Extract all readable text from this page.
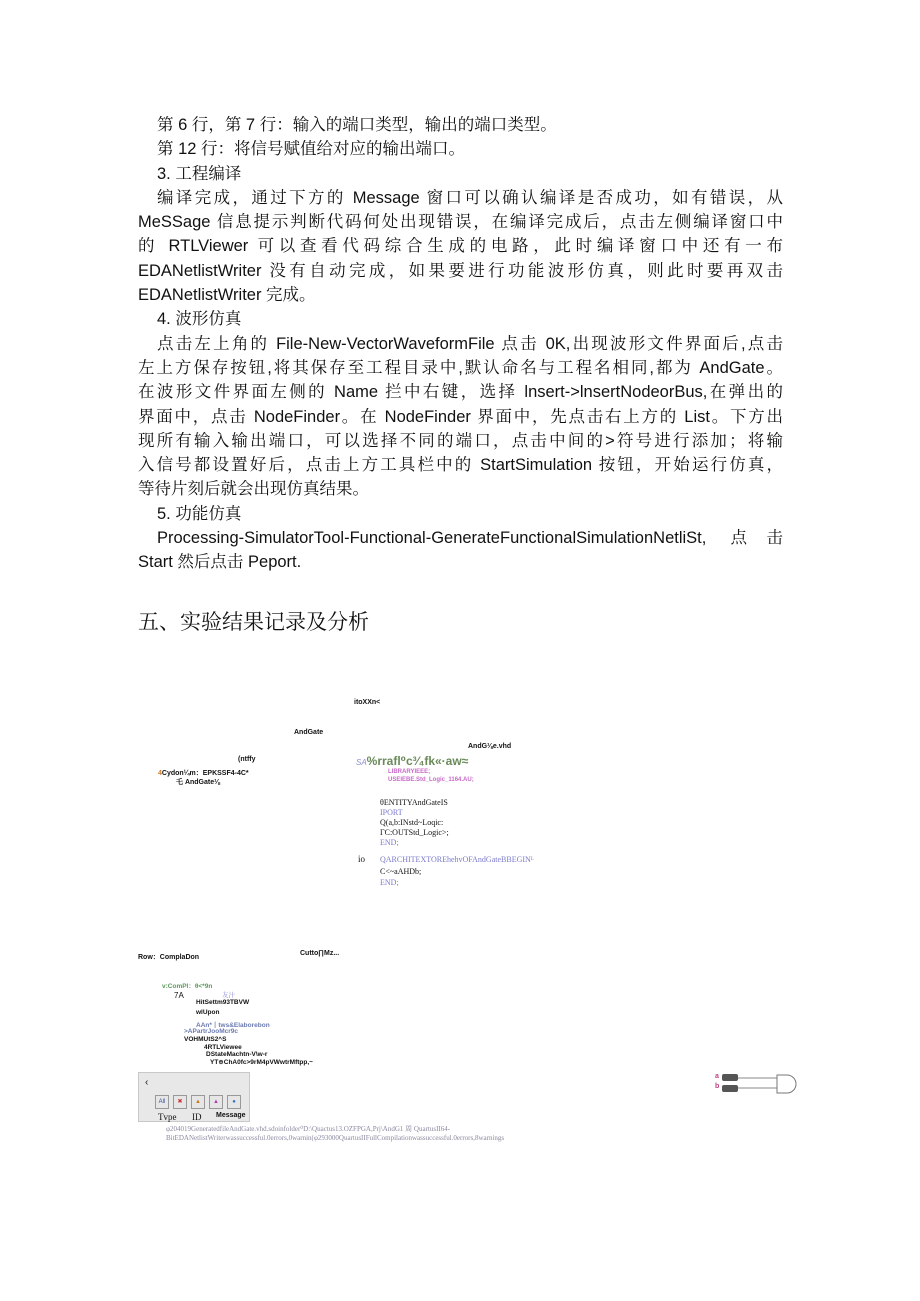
第 6 行，第 7 行：输入的端口类型，输出的端口类型。

第 12 行：将信号赋值给对应的输出端口。

3. 工程编译

编译完成，通过下方的 Message 窗口可以确认编译是否成功，如有错误，从

MeSSage 信息提示判断代码何处出现错误，在编译完成后，点击左侧编译窗口中

的 RTLViewer 可以查看代码综合生成的电路，此时编译窗口中还有一布

EDANetlistWriter 没有自动完成，如果要进行功能波形仿真，则此时要再双击

EDANetlistWriter 完成。

4. 波形仿真

点击左上角的 File-New-VectorWaveformFile 点击 0K,出现波形文件界面后,点击

左上方保存按钮,将其保存至工程目录中,默认命名与工程名相同,都为 AndGate。

在波形文件界面左侧的 Name 拦中右键，选择 lnsert->lnsertNodeorBus,在弹出的

界面中，点击 NodeFinder。在 NodeFinder 界面中，先点击右上方的 List。下方出

现所有输入输出端口，可以选择不同的端口，点击中间的>符号进行添加；将输

入信号都设置好后，点击上方工具栏中的 StartSimulation 按钮，开始运行仿真，

等待片刻后就会出现仿真结果。

5. 功能仿真

Processing-SimulatorTool-Functional-GenerateFunctionalSimulationNetliSt, 点击

Start 然后点击 Peport.

五、实验结果记录及分析
itoXXn<
AndGate
AndG⅛e.vhd
(ntffy
4Cydon¼m：EPKSSF4-4C*
乇 AndGate⅛
SA%rrafl⁰c³⁄₄fk«·aw≈
LIBRARYIEEE;
USEIEBE.Std_Logic_1164.AU;
θENTITYAndGateIS
IPORT
Q(a,b:INstd~Loqic:
ΓC:OUTStd_Logic>;
END;
io QARCHITEXTOREhehvOFAndGateBBEGINᴸ
C<~aAHDb;
END;
Row：ComplaDon
Cutto∏Mz...
v:ComPl：θ<*9n
友汁
7A
HitSettm93TBVW
wlUpon
AAn*丨tws&Elaborebon
>APartrJooMcr9c
VOHMUtS2^S
4RTLViewee
DStateMachtn-V\w-r
YT⊕ChA0fc>9rM4pVWwtrMftpp,~
‹
All	✖	▲	▲	●
Tvpe ID Message
φ204019GeneratedfileAndGate.vhd.sdoinfolder⁰D:\Quactus13.OZFPGA,Prj\AndG1 周 QuartusII64-
BitEDANetlistWriterwassuccessful.0errors,0warnin(φ293000QuartusIIFullCompilationwassuccessful.0errors,8warnings
a
b
